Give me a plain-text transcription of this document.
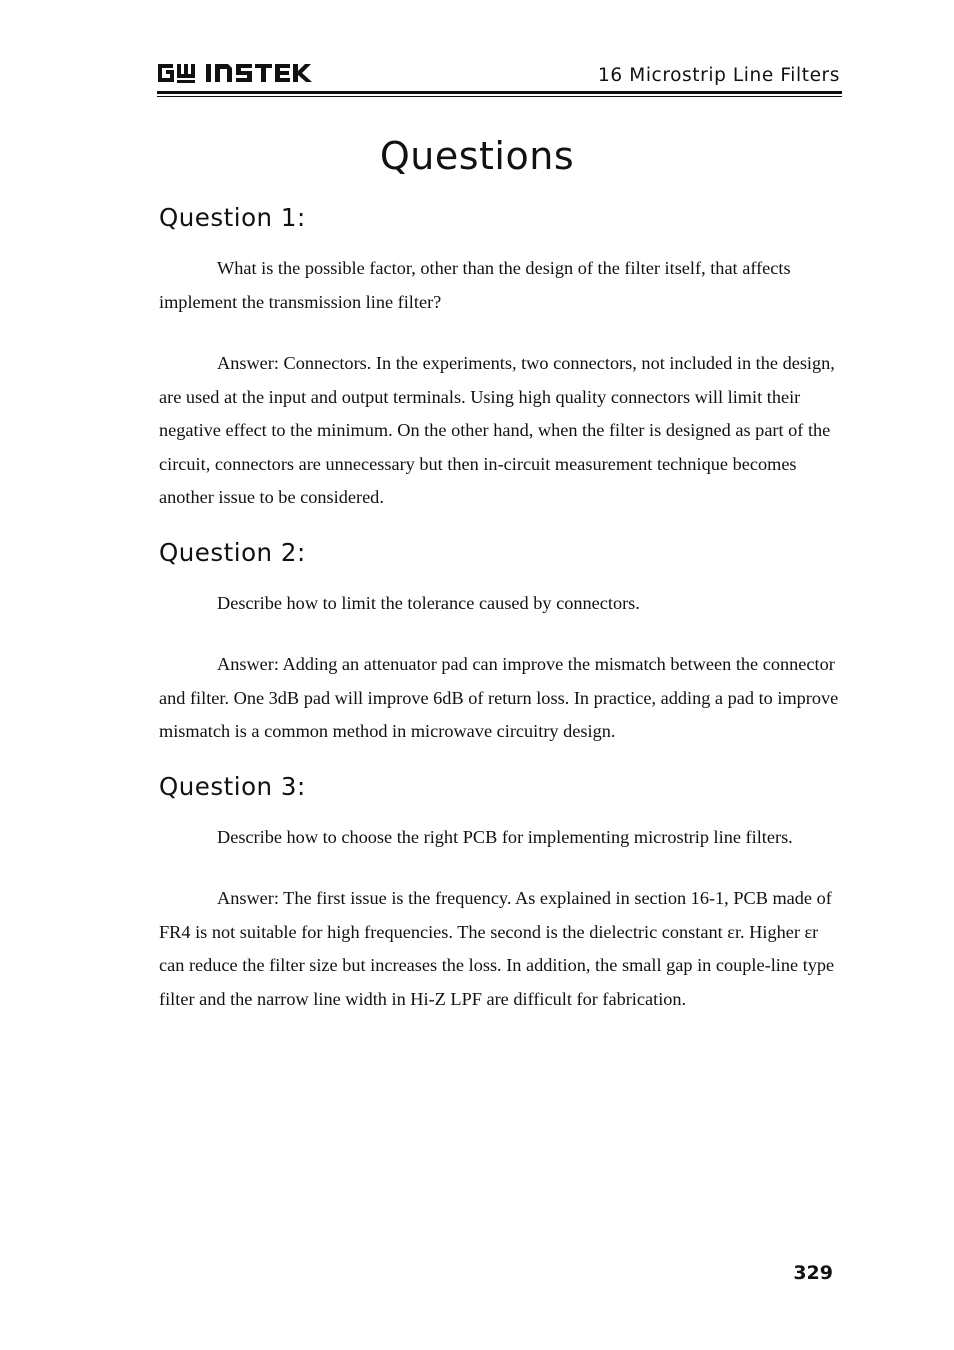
16 Microstrip Line Filters
Questions
Question 1:

What is the possible factor, other than the design of the filter itself, that affects implement the transmission line filter?

Answer: Connectors. In the experiments, two connectors, not included in the design, are used at the input and output terminals. Using high quality connectors will limit their negative effect to the minimum. On the other hand, when the filter is designed as part of the circuit, connectors are unnecessary but then in-circuit measurement technique becomes another issue to be considered.

Question 2:

Describe how to limit the tolerance caused by connectors.

Answer: Adding an attenuator pad can improve the mismatch between the connector and filter. One 3dB pad will improve 6dB of return loss. In practice, adding a pad to improve mismatch is a common method in microwave circuitry design.

Question 3:

Describe how to choose the right PCB for implementing microstrip line filters.

Answer: The first issue is the frequency. As explained in section 16-1, PCB made of FR4 is not suitable for high frequencies. The second is the dielectric constant εr. Higher εr can reduce the filter size but increases the loss. In addition, the small gap in couple-line type filter and the narrow line width in Hi-Z LPF are difficult for fabrication.

329
